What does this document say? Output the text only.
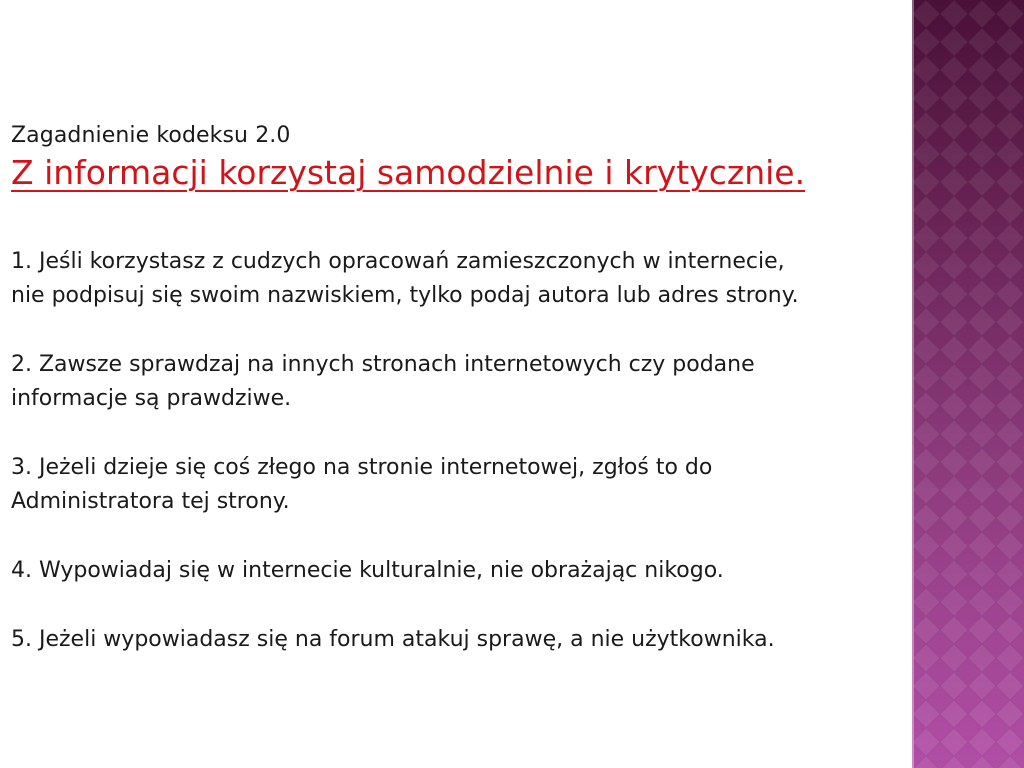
Zagadnienie kodeksu 2.0

Z informacji korzystaj samodzielnie i krytycznie.

1. Jeśli korzystasz z cudzych opracowań zamieszczonych w internecie,
nie podpisuj się swoim nazwiskiem, tylko podaj autora lub adres strony.
2. Zawsze sprawdzaj na innych stronach internetowych czy podane
informacje są prawdziwe.
3. Jeżeli dzieje się coś złego na stronie internetowej, zgłoś to do
Administratora tej strony.
4. Wypowiadaj się w internecie kulturalnie, nie obrażając nikogo.
5. Jeżeli wypowiadasz się na forum atakuj sprawę, a nie użytkownika.
